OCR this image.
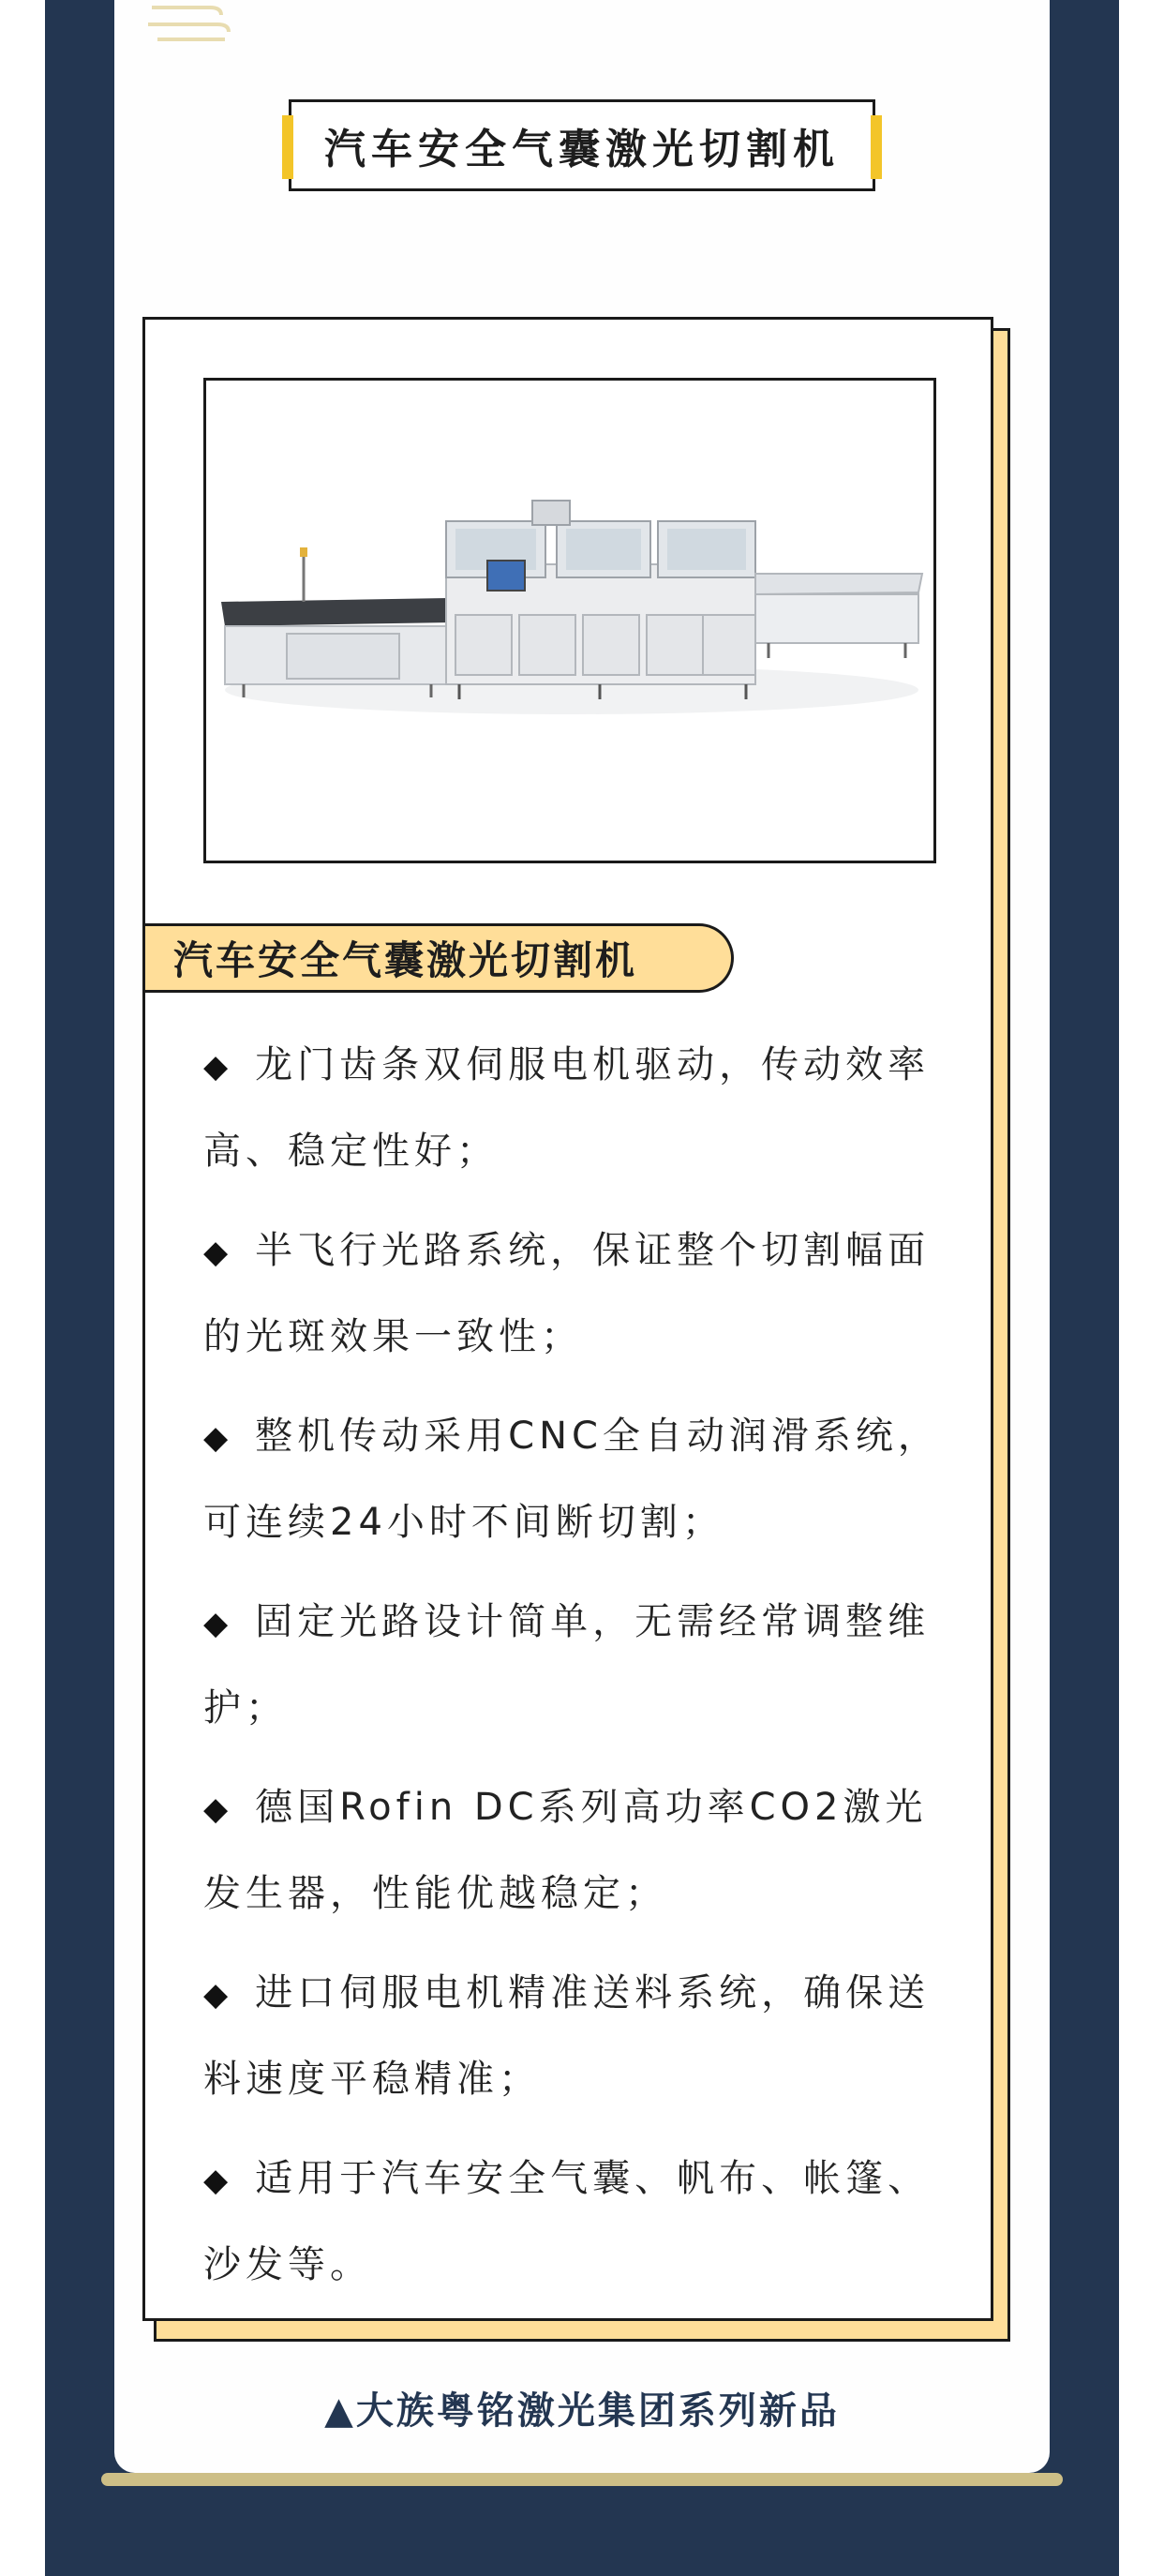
汽车安全气囊激光切割机
汽车安全气囊激光切割机
◆ 龙门齿条双伺服电机驱动，传动效率高、稳定性好；
◆ 半飞行光路系统，保证整个切割幅面的光斑效果一致性；
◆ 整机传动采用CNC全自动润滑系统，可连续24小时不间断切割；
◆ 固定光路设计简单，无需经常调整维护；
◆ 德国Rofin DC系列高功率CO2激光发生器，性能优越稳定；
◆ 进口伺服电机精准送料系统，确保送料速度平稳精准；
◆ 适用于汽车安全气囊、帆布、帐篷、沙发等。
▲大族粤铭激光集团系列新品
